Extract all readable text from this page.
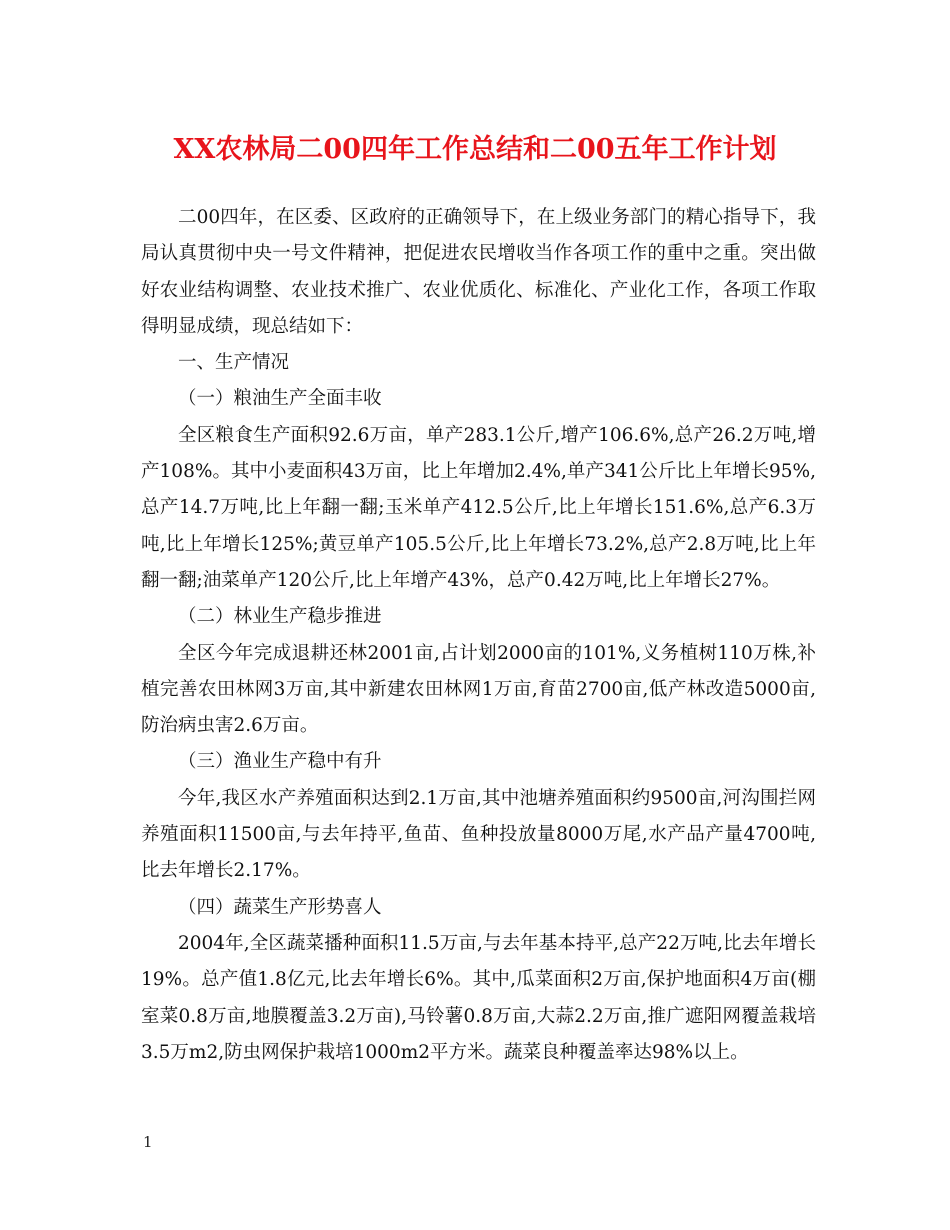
XX农林局二00四年工作总结和二00五年工作计划

二00四年，在区委、区政府的正确领导下，在上级业务部门的精心指导下，我局认真贯彻中央一号文件精神，把促进农民增收当作各项工作的重中之重。突出做好农业结构调整、农业技术推广、农业优质化、标准化、产业化工作，各项工作取得明显成绩，现总结如下：

一、生产情况

（一）粮油生产全面丰收

全区粮食生产面积92.6万亩，单产283.1公斤,增产106.6%,总产26.2万吨,增产108%。其中小麦面积43万亩，比上年增加2.4%,单产341公斤比上年增长95%,总产14.7万吨,比上年翻一翻;玉米单产412.5公斤,比上年增长151.6%,总产6.3万吨,比上年增长125%;黄豆单产105.5公斤,比上年增长73.2%,总产2.8万吨,比上年翻一翻;油菜单产120公斤,比上年增产43%，总产0.42万吨,比上年增长27%。

（二）林业生产稳步推进

全区今年完成退耕还林2001亩,占计划2000亩的101%,义务植树110万株,补植完善农田林网3万亩,其中新建农田林网1万亩,育苗2700亩,低产林改造5000亩,防治病虫害2.6万亩。

（三）渔业生产稳中有升

今年,我区水产养殖面积达到2.1万亩,其中池塘养殖面积约9500亩,河沟围拦网养殖面积11500亩,与去年持平,鱼苗、鱼种投放量8000万尾,水产品产量4700吨,比去年增长2.17%。

（四）蔬菜生产形势喜人

2004年,全区蔬菜播种面积11.5万亩,与去年基本持平,总产22万吨,比去年增长19%。总产值1.8亿元,比去年增长6%。其中,瓜菜面积2万亩,保护地面积4万亩(棚室菜0.8万亩,地膜覆盖3.2万亩),马铃薯0.8万亩,大蒜2.2万亩,推广遮阳网覆盖栽培3.5万m2,防虫网保护栽培1000m2平方米。蔬菜良种覆盖率达98%以上。

1
